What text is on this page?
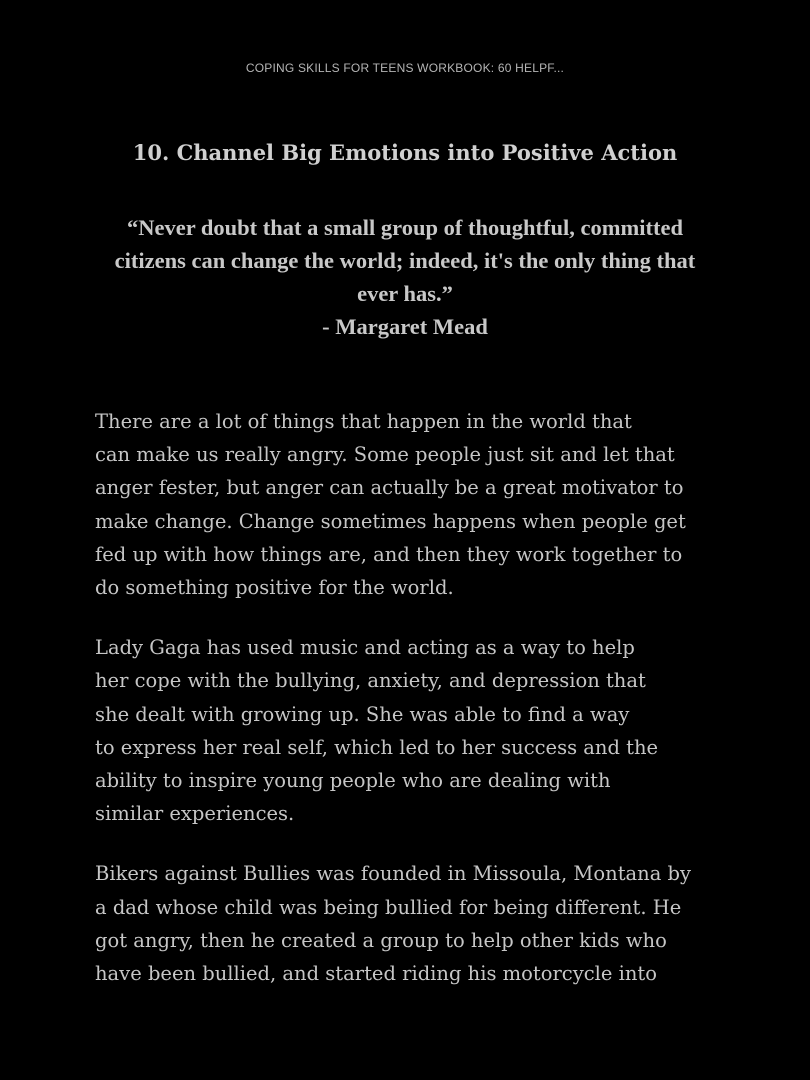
COPING SKILLS FOR TEENS WORKBOOK: 60 HELPF...
10. Channel Big Emotions into Positive Action
“Never doubt that a small group of thoughtful, committed
citizens can change the world; indeed, it's the only thing that
ever has.”
- Margaret Mead

There are a lot of things that happen in the world that
can make us really angry. Some people just sit and let that
anger fester, but anger can actually be a great motivator to
make change. Change sometimes happens when people get
fed up with how things are, and then they work together to
do something positive for the world.

Lady Gaga has used music and acting as a way to help
her cope with the bullying, anxiety, and depression that
she dealt with growing up. She was able to find a way
to express her real self, which led to her success and the
ability to inspire young people who are dealing with
similar experiences.

Bikers against Bullies was founded in Missoula, Montana by
a dad whose child was being bullied for being different. He
got angry, then he created a group to help other kids who
have been bullied, and started riding his motorcycle into
